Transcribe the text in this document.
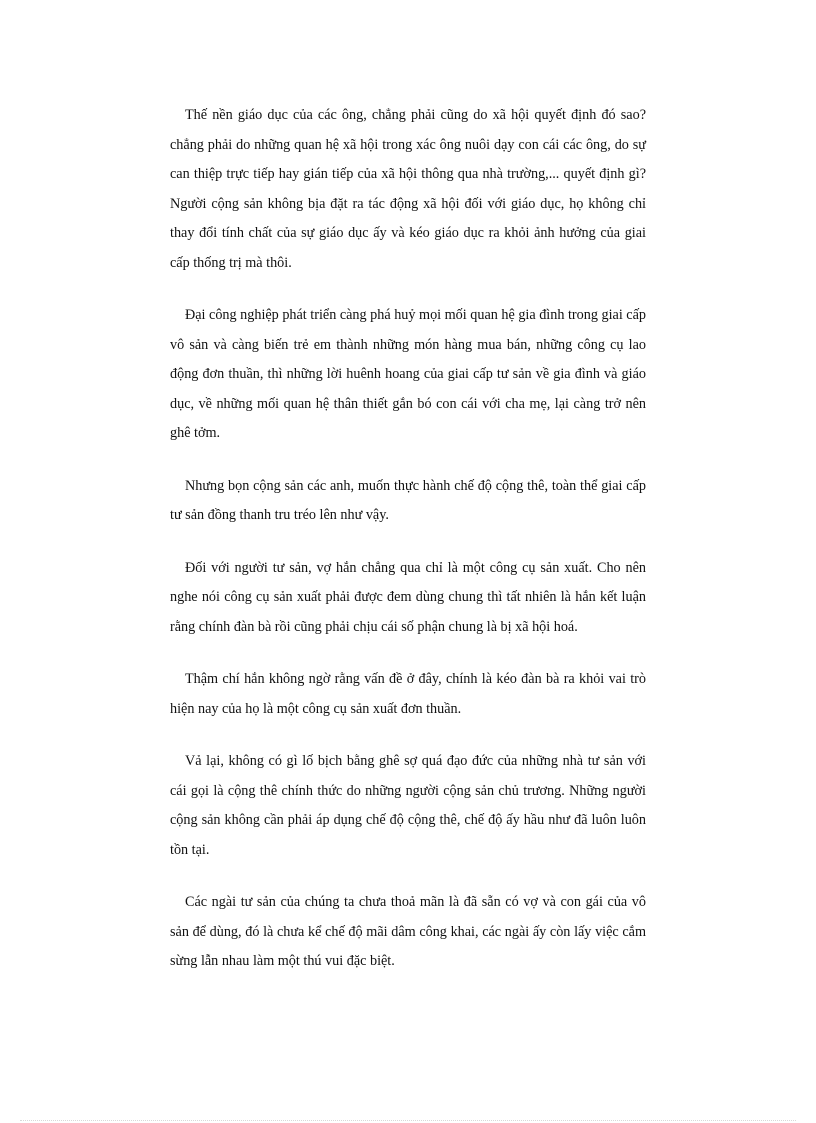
Thế nền giáo dục của các ông, chẳng phải cũng do xã hội quyết định đó sao? chẳng phải do những quan hệ xã hội trong xác ông nuôi dạy con cái các ông, do sự can thiệp trực tiếp hay gián tiếp của xã hội thông qua nhà trường,... quyết định gì? Người cộng sản không bịa đặt ra tác động xã hội đối với giáo dục, họ không chỉ thay đổi tính chất của sự giáo dục ấy và kéo giáo dục ra khỏi ảnh hưởng của giai cấp thống trị mà thôi.

Đại công nghiệp phát triển càng phá huỷ mọi mối quan hệ gia đình trong giai cấp vô sản và càng biến trẻ em thành những món hàng mua bán, những công cụ lao động đơn thuần, thì những lời huênh hoang của giai cấp tư sản về gia đình và giáo dục, về những mối quan hệ thân thiết gắn bó con cái với cha mẹ, lại càng trở nên ghê tởm.

Nhưng bọn cộng sản các anh, muốn thực hành chế độ cộng thê, toàn thể giai cấp tư sản đồng thanh tru tréo lên như vậy.

Đối với người tư sản, vợ hắn chẳng qua chỉ là một công cụ sản xuất. Cho nên nghe nói công cụ sản xuất phải được đem dùng chung thì tất nhiên là hắn kết luận rằng chính đàn bà rồi cũng phải chịu cái số phận chung là bị xã hội hoá.

Thậm chí hắn không ngờ rằng vấn đề ở đây, chính là kéo đàn bà ra khỏi vai trò hiện nay của họ là một công cụ sản xuất đơn thuần.

Vả lại, không có gì lố bịch bằng ghê sợ quá đạo đức của những nhà tư sản với cái gọi là cộng thê chính thức do những người cộng sản chủ trương. Những người cộng sản không cần phải áp dụng chế độ cộng thê, chế độ ấy hầu như đã luôn luôn tồn tại.

Các ngài tư sản của chúng ta chưa thoả mãn là đã sẵn có vợ và con gái của vô sản để dùng, đó là chưa kể chế độ mãi dâm công khai, các ngài ấy còn lấy việc cắm sừng lẫn nhau làm một thú vui đặc biệt.
